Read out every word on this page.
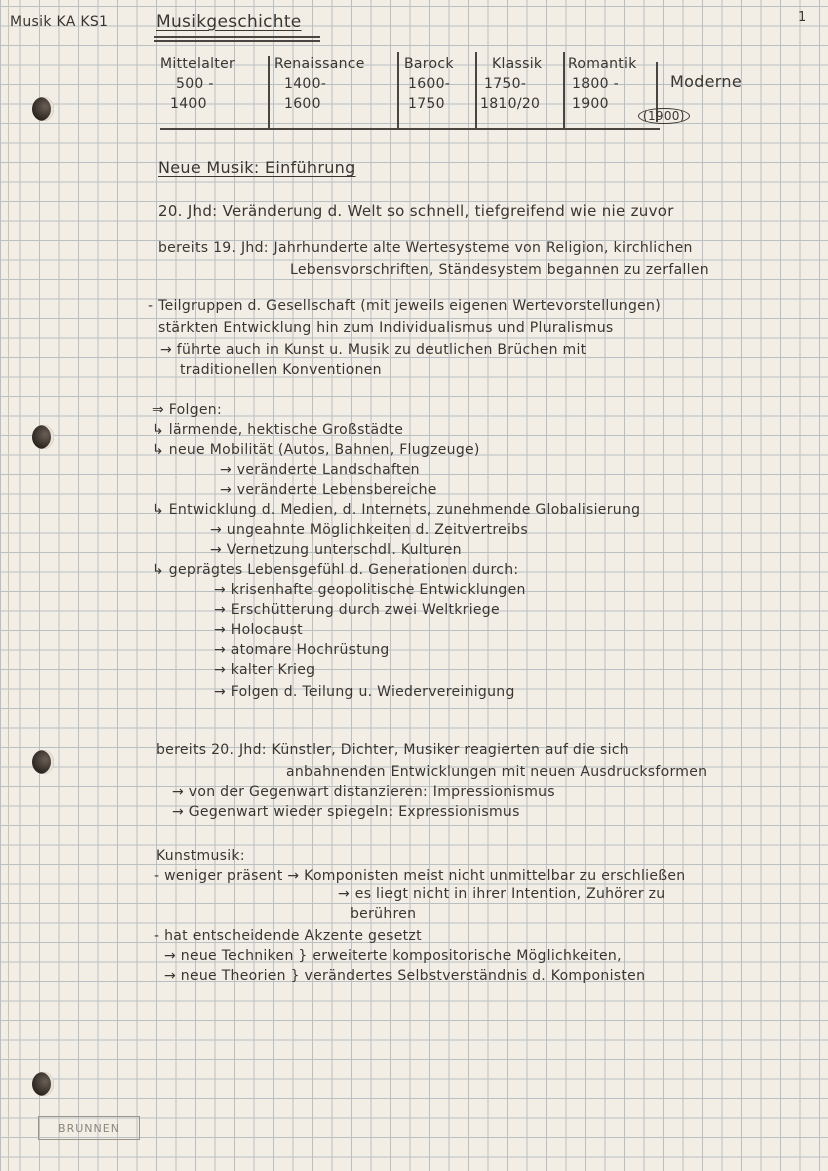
Musik KA KS1	Musikgeschichte	1
Mittelalter
500 -
1400
Renaissance
1400-
1600
Barock
1600-
1750
Klassik
1750-
1810/20
Romantik
1800 -
1900
Moderne
(1900)
Neue Musik: Einführung
20. Jhd: Veränderung d. Welt so schnell, tiefgreifend wie nie zuvor
bereits 19. Jhd: Jahrhunderte alte Wertesysteme von Religion, kirchlichen
Lebensvorschriften, Ständesystem begannen zu zerfallen
- Teilgruppen d. Gesellschaft (mit jeweils eigenen Wertevorstellungen)
stärkten Entwicklung hin zum Individualismus und Pluralismus
→ führte auch in Kunst u. Musik zu deutlichen Brüchen mit
traditionellen Konventionen
⇒ Folgen:
↳ lärmende, hektische Großstädte
↳ neue Mobilität (Autos, Bahnen, Flugzeuge)
→ veränderte Landschaften
→ veränderte Lebensbereiche
↳ Entwicklung d. Medien, d. Internets, zunehmende Globalisierung
→ ungeahnte Möglichkeiten d. Zeitvertreibs
→ Vernetzung unterschdl. Kulturen
↳ geprägtes Lebensgefühl d. Generationen durch:
→ krisenhafte geopolitische Entwicklungen
→ Erschütterung durch zwei Weltkriege
→ Holocaust
→ atomare Hochrüstung
→ kalter Krieg
→ Folgen d. Teilung u. Wiedervereinigung
bereits 20. Jhd: Künstler, Dichter, Musiker reagierten auf die sich
anbahnenden Entwicklungen mit neuen Ausdrucksformen
→ von der Gegenwart distanzieren: Impressionismus
→ Gegenwart wieder spiegeln: Expressionismus
Kunstmusik:
- weniger präsent → Komponisten meist nicht unmittelbar zu erschließen
→ es liegt nicht in ihrer Intention, Zuhörer zu
berühren
- hat entscheidende Akzente gesetzt
→ neue Techniken } erweiterte kompositorische Möglichkeiten,
→ neue Theorien } verändertes Selbstverständnis d. Komponisten
BRUNNEN
